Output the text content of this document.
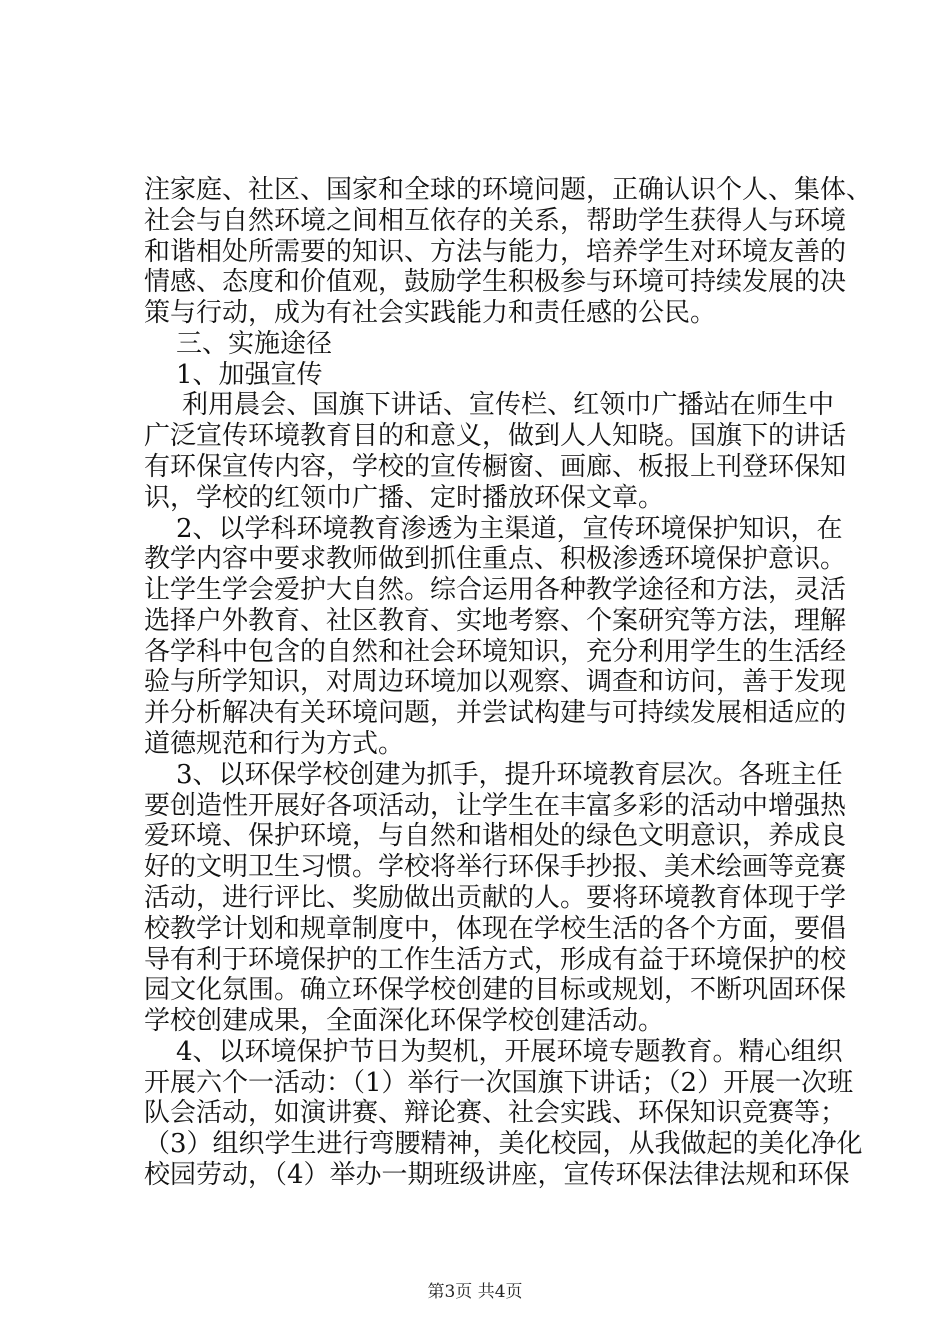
注家庭、社区、国家和全球的环境问题，正确认识个人、集体、
社会与自然环境之间相互依存的关系，帮助学生获得人与环境
和谐相处所需要的知识、方法与能力，培养学生对环境友善的
情感、态度和价值观，鼓励学生积极参与环境可持续发展的决
策与行动，成为有社会实践能力和责任感的公民。
三、实施途径
1、加强宣传
利用晨会、国旗下讲话、宣传栏、红领巾广播站在师生中
广泛宣传环境教育目的和意义，做到人人知晓。国旗下的讲话
有环保宣传内容，学校的宣传橱窗、画廊、板报上刊登环保知
识，学校的红领巾广播、定时播放环保文章。
2、以学科环境教育渗透为主渠道，宣传环境保护知识，在
教学内容中要求教师做到抓住重点、积极渗透环境保护意识。
让学生学会爱护大自然。综合运用各种教学途径和方法，灵活
选择户外教育、社区教育、实地考察、个案研究等方法，理解
各学科中包含的自然和社会环境知识，充分利用学生的生活经
验与所学知识，对周边环境加以观察、调查和访问，善于发现
并分析解决有关环境问题，并尝试构建与可持续发展相适应的
道德规范和行为方式。
3、以环保学校创建为抓手，提升环境教育层次。各班主任
要创造性开展好各项活动，让学生在丰富多彩的活动中增强热
爱环境、保护环境，与自然和谐相处的绿色文明意识，养成良
好的文明卫生习惯。学校将举行环保手抄报、美术绘画等竞赛
活动，进行评比、奖励做出贡献的人。要将环境教育体现于学
校教学计划和规章制度中，体现在学校生活的各个方面，要倡
导有利于环境保护的工作生活方式，形成有益于环境保护的校
园文化氛围。确立环保学校创建的目标或规划，不断巩固环保
学校创建成果，全面深化环保学校创建活动。
4、以环境保护节日为契机，开展环境专题教育。精心组织
开展六个一活动：（1）举行一次国旗下讲话；（2）开展一次班
队会活动，如演讲赛、辩论赛、社会实践、环保知识竞赛等；
（3）组织学生进行弯腰精神，美化校园，从我做起的美化净化
校园劳动，（4）举办一期班级讲座，宣传环保法律法规和环保
第3页 共4页
